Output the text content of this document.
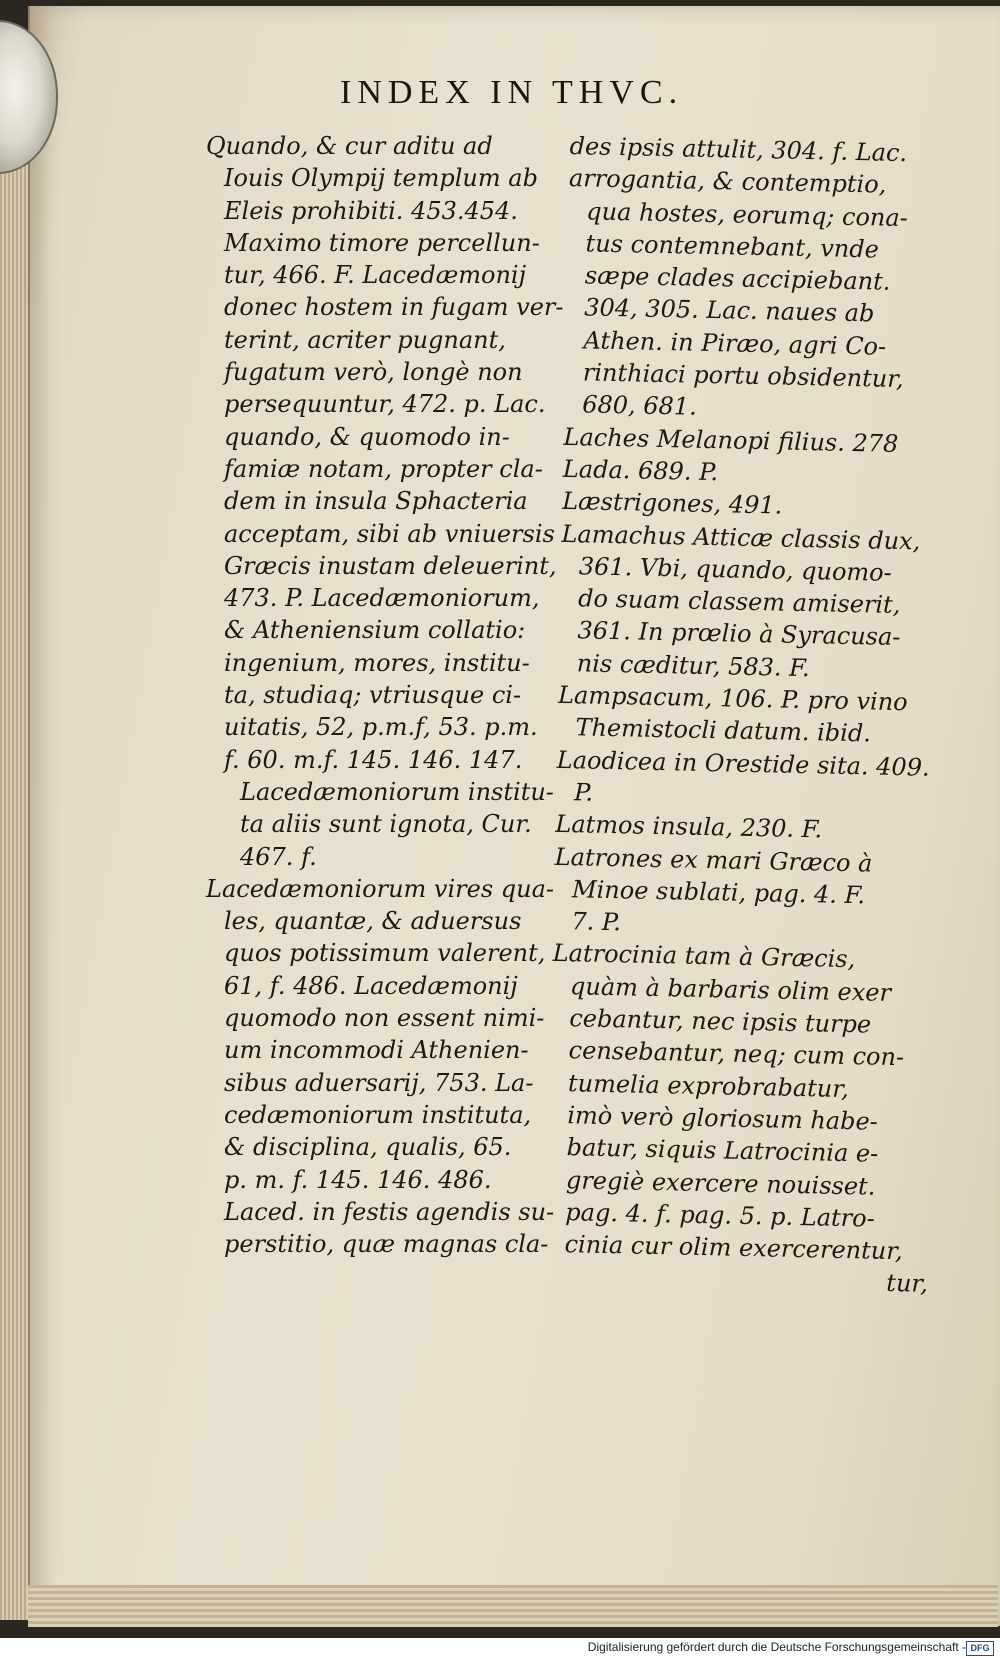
INDEX IN THVC.
Quando, & cur aditu ad
Iouis Olympij templum ab
Eleis prohibiti. 453.454.
Maximo timore percellun-
tur, 466. F. Lacedæmonij
donec hostem in fugam ver-
terint, acriter pugnant,
fugatum verò, longè non
persequuntur, 472. p. Lac.
quando, & quomodo in-
famiæ notam, propter cla-
dem in insula Sphacteria
acceptam, sibi ab vniuersis
Græcis inustam deleuerint,
473. P. Lacedæmoniorum,
& Atheniensium collatio:
ingenium, mores, institu-
ta, studiaq; vtriusque ci-
uitatis, 52, p.m.f, 53. p.m.
f. 60. m.f. 145. 146. 147.
Lacedæmoniorum institu-
ta aliis sunt ignota, Cur.
467. f.
Lacedæmoniorum vires qua-
les, quantæ, & aduersus
quos potissimum valerent,
61, f. 486. Lacedæmonij
quomodo non essent nimi-
um incommodi Athenien-
sibus aduersarij, 753. La-
cedæmoniorum instituta,
& disciplina, qualis, 65.
p. m. f. 145. 146. 486.
Laced. in festis agendis su-
perstitio, quæ magnas cla-
des ipsis attulit, 304. f. Lac.
arrogantia, & contemptio,
qua hostes, eorumq; cona-
tus contemnebant, vnde
sæpe clades accipiebant.
304, 305. Lac. naues ab
Athen. in Piræo, agri Co-
rinthiaci portu obsidentur,
680, 681.
Laches Melanopi filius. 278
Lada. 689. P.
Læstrigones, 491.
Lamachus Atticæ classis dux,
361. Vbi, quando, quomo-
do suam classem amiserit,
361. In prœlio à Syracusa-
nis cæditur, 583. F.
Lampsacum, 106. P. pro vino
Themistocli datum. ibid.
Laodicea in Orestide sita. 409.
P.
Latmos insula, 230. F.
Latrones ex mari Græco à
Minoe sublati, pag. 4. F.
7. P.
Latrocinia tam à Græcis,
quàm à barbaris olim exer
cebantur, nec ipsis turpe
censebantur, neq; cum con-
tumelia exprobrabatur,
imò verò gloriosum habe-
batur, siquis Latrocinia e-
gregiè exercere nouisset.
pag. 4. f. pag. 5. p. Latro-
cinia cur olim exercerentur,
tur,
Digitalisierung gefördert durch die Deutsche Forschungsgemeinschaft - DFG
